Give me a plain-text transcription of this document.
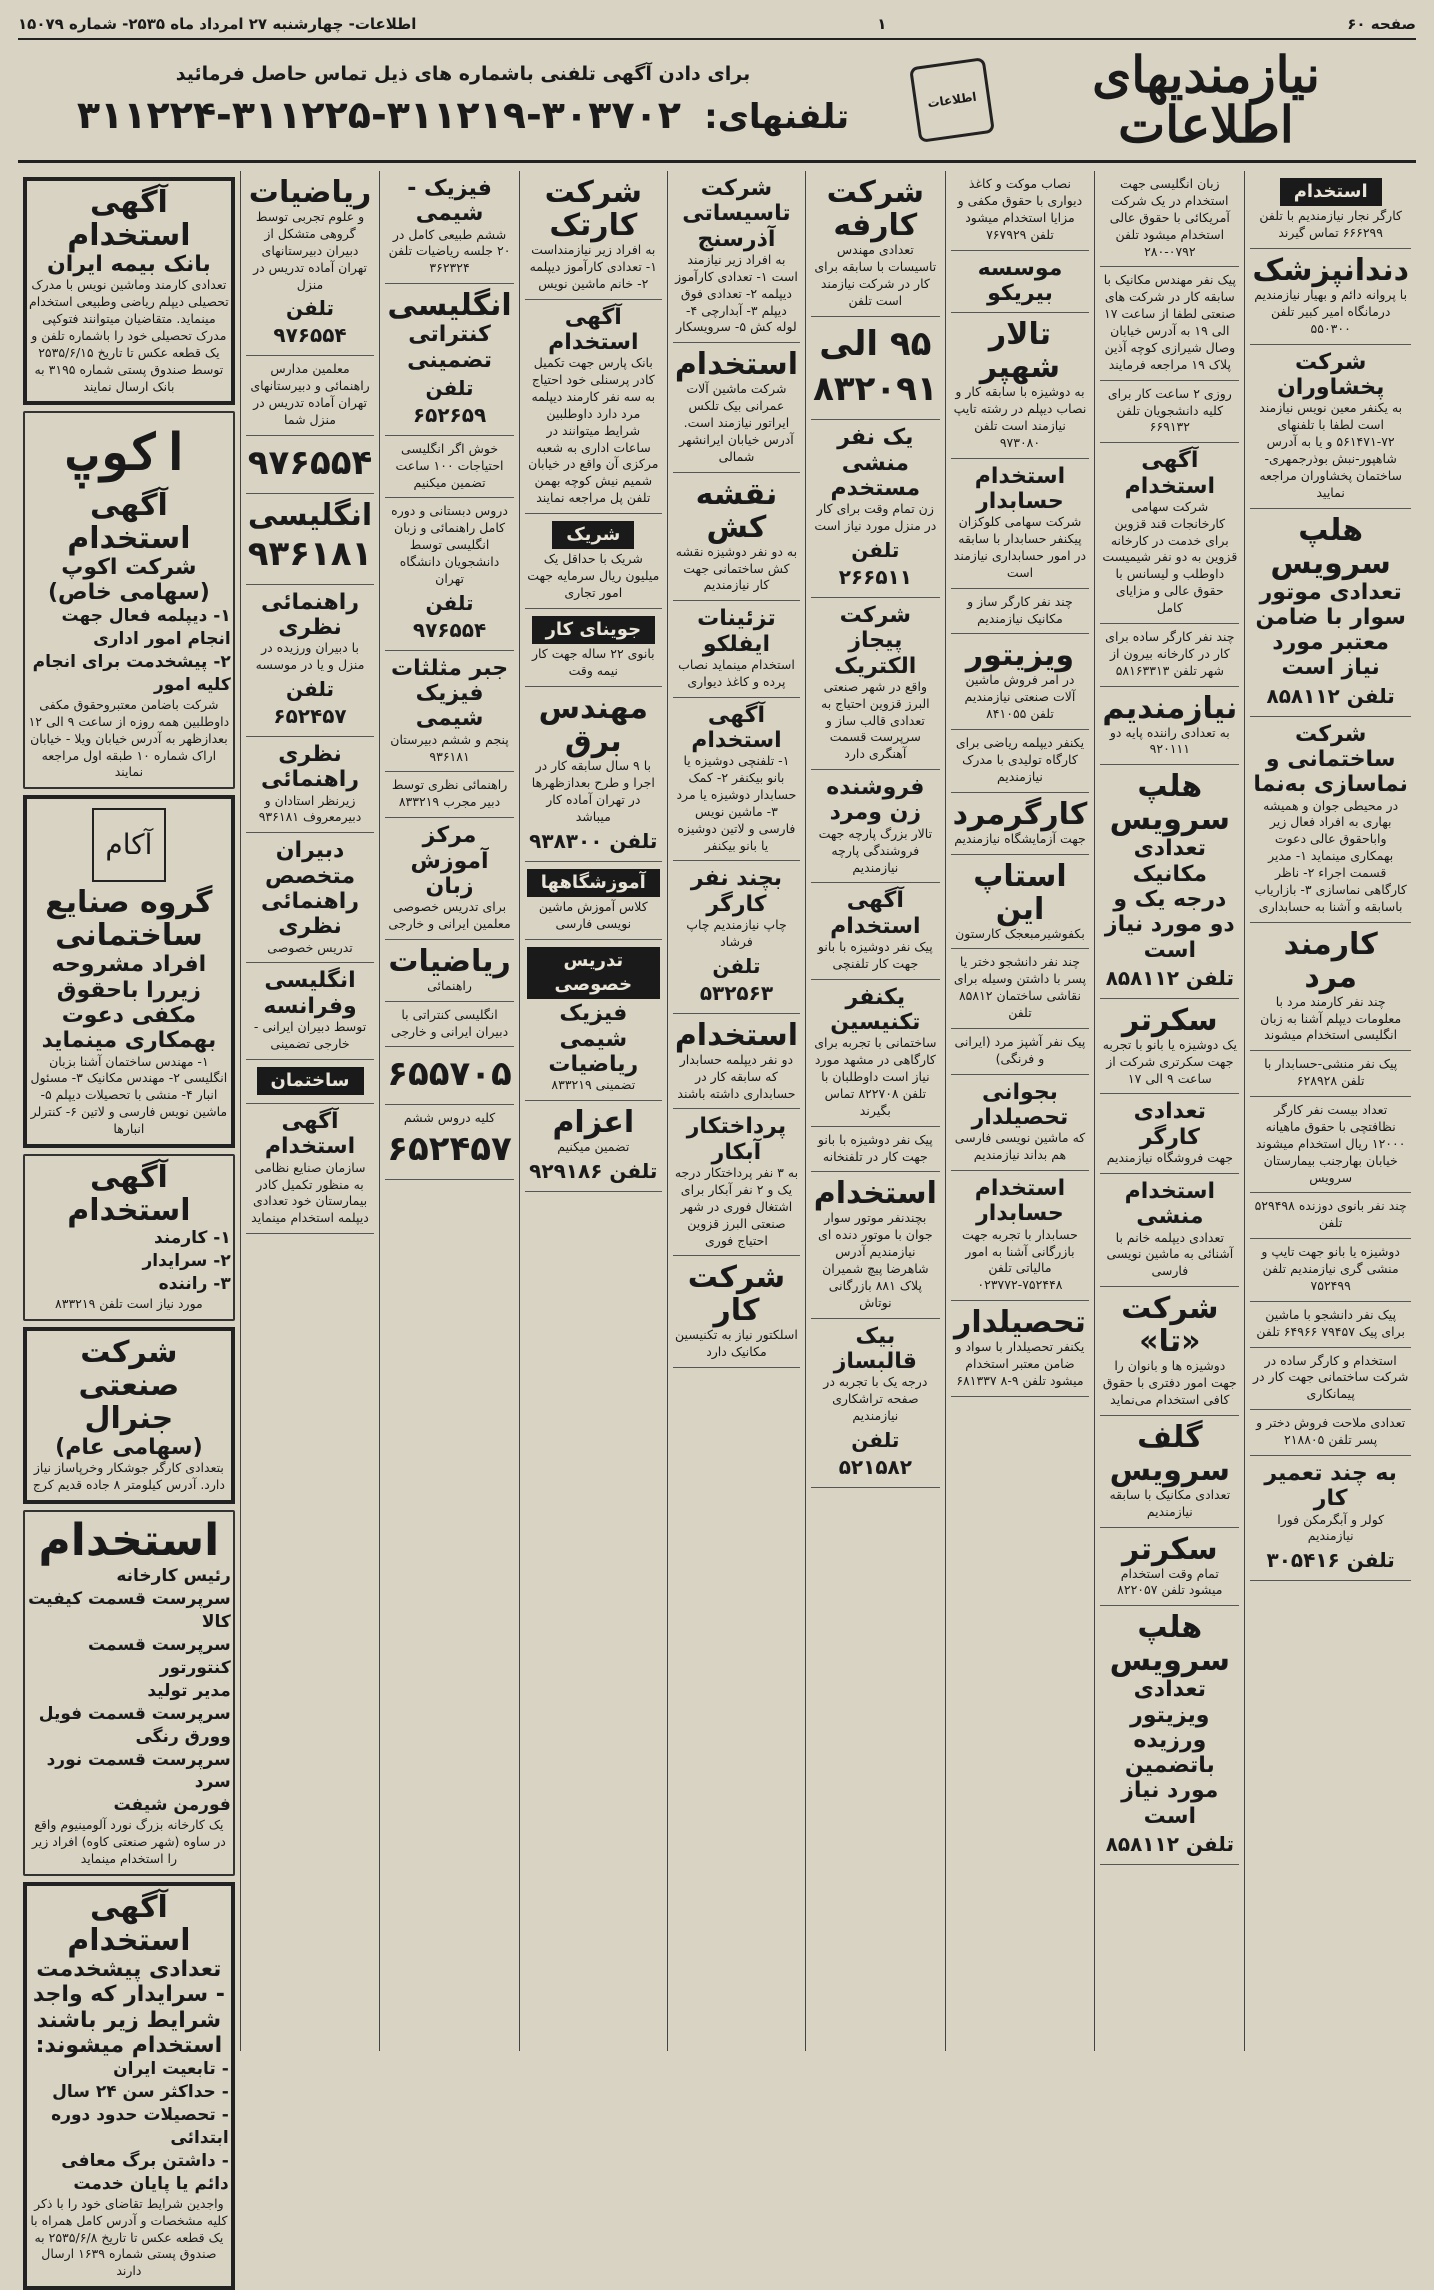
صفحه ۶۰
۱
اطلاعات- چهارشنبه ۲۷ امرداد ماه ۲۵۳۵- شماره ۱۵۰۷۹
نیازمندیهای اطلاعات
اطلاعات
برای دادن آگهی تلفنی باشماره های ذیل تماس حاصل فرمائید
تلفنهای: ۳۰۳۷۰۲-۳۱۱۲۱۹-۳۱۱۲۲۵-۳۱۱۲۲۴
استخدام
کارگر نجار نیازمندیم با تلفن ۶۶۶۲۹۹ تماس گیرند
دندانپزشک
با پروانه دائم و بهیار نیازمندیم درمانگاه امیر کبیر تلفن ۵۵۰۳۰۰
شرکت پخشاوران
به یکنفر معین نویس نیازمند است لطفا با تلفنهای ۷۲-۵۶۱۴۷۱ و یا به آدرس شاهپور-نبش بوذرجمهری-ساختمان پخشاوران مراجعه نمایید
هلپ سرویس
تعدادی موتور سوار با ضامن معتبر مورد نیاز است
تلفن ۸۵۸۱۱۲
شرکت ساختمانی و نماسازی به‌نما
در محیطی جوان و همیشه بهاری به افراد فعال زیر واباحقوق عالی دعوت بهمکاری مینماید ۱- مدیر قسمت اجراء ۲- ناظر کارگاهی نماسازی ۳- بازاریاب باسابقه و آشنا به حسابداری
کارمند مرد
چند نفر کارمند مرد با معلومات دیپلم آشنا به زبان انگلیسی استخدام میشوند
پیک نفر منشی-حسابدار با تلفن ۶۲۸۹۲۸
تعداد بیست نفر کارگر نظافتچی با حقوق ماهیانه ۱۲۰۰۰ ریال استخدام میشوند خیابان بهارجنب بیمارستان سرویس
چند نفر بانوی دوزنده ۵۲۹۴۹۸ تلفن
دوشیزه یا بانو جهت تایپ و منشی گری نیازمندیم تلفن ۷۵۲۴۹۹
پیک نفر دانشجو با ماشین برای پیک ۷۹۴۵۷ ۶۴۹۶۶ تلفن
استخدام و کارگر ساده در شرکت ساختمانی جهت کار در پیمانکاری
تعدادی ملاحت فروش دختر و پسر تلفن ۲۱۸۸۰۵
به چند تعمیر کار
کولر و آبگرمکن فورا نیازمندیم
تلفن ۳۰۵۴۱۶
زبان انگلیسی جهت استخدام در یک شرکت آمریکائی با حقوق عالی استخدام میشود تلفن ۰۷۹۲-۲۸۰
پیک نفر مهندس مکانیک با سابقه کار در شرکت های صنعتی لطفا از ساعت ۱۷ الی ۱۹ به آدرس خیابان وصال شیرازی کوچه آذین پلاک ۱۹ مراجعه فرمایند
روزی ۲ ساعت کار برای کلیه دانشجویان تلفن ۶۶۹۱۳۲
آگهی استخدام
شرکت سهامی کارخانجات قند قزوین برای خدمت در کارخانه قزوین به دو نفر شیمیست داوطلب و لیسانس با حقوق عالی و مزایای کامل
چند نفر کارگر ساده برای کار در کارخانه بیرون از شهر تلفن ۵۸۱۶۳۳۱۳
نیازمندیم
به تعدادی راننده پایه دو ۹۲۰۱۱۱
هلپ سرویس
تعدادی مکانیک درجه یک و دو مورد نیاز است
تلفن ۸۵۸۱۱۲
سکرتر
یک دوشیزه یا بانو با تجربه جهت سکرتری شرکت از ساعت ۹ الی ۱۷
تعدادی کارگر
جهت فروشگاه نیازمندیم
استخدام منشی
تعدادی دیپلمه خانم با آشنائی به ماشین نویسی فارسی
شرکت «تا»
دوشیزه ها و بانوان را جهت امور دفتری با حقوق کافی استخدام می‌نماید
گلف سرویس
تعدادی مکانیک با سابقه نیازمندیم
سکرتر
تمام وقت استخدام میشود تلفن ۸۲۲۰۵۷
هلپ سرویس
تعدادی ویزیتور ورزیده باتضمین مورد نیاز است
تلفن ۸۵۸۱۱۲
نصاب موکت و کاغذ دیواری با حقوق مکفی و مزایا استخدام میشود تلفن ۷۶۷۹۲۹
موسسه بیریکو
تالار شهپر
به دوشیزه با سابقه کار و نصاب دیپلم در رشته تایپ نیازمند است تلفن ۹۷۳۰۸۰
استخدام حسابدار
شرکت سهامی کلوکزان پیکنفر حسابدار با سابقه در امور حسابداری نیازمند است
چند نفر کارگر ساز و مکانیک نیازمندیم
ویزیتور
در امر فروش ماشین آلات صنعتی نیازمندیم تلفن ۸۴۱۰۵۵
یکنفر دیپلمه ریاضی برای کارگاه تولیدی با مدرک نیازمندیم
کارگرمرد
جهت آزمایشگاه نیازمندیم
استاپ این
بکفوشیرمبعجک کارستون
چند نفر دانشجو دختر یا پسر با داشتن وسیله برای نقاشی ساختمان ۸۵۸۱۲ تلفن
پیک نفر آشپز مرد (ایرانی و فرنگی)
بجوانی تحصیلدار
که ماشین نویسی فارسی هم بداند نیازمندیم
استخدام حسابدار
حسابدار با تجربه جهت بازرگانی آشنا به امور مالیاتی تلفن ۷۵۲۴۴۸-۰۲۳۷۷۲
تحصیلدار
یکنفر تحصیلدار با سواد و ضامن معتبر استخدام میشود تلفن ۹-۸ ۶۸۱۳۳۷
شرکت کارفه
تعدادی مهندس تاسیسات با سابقه برای کار در شرکت نیازمند است تلفن
۹۵ الی ۸۳۲۰۹۱
یک نفر منشی مستخدم
زن تمام وقت برای کار در منزل مورد نیاز است
تلفن ۲۶۶۵۱۱
شرکت پیجاز الکتریک
واقع در شهر صنعتی البرز قزوین احتیاج به تعدادی قالب ساز و سرپرست قسمت آهنگری دارد
فروشنده زن ومرد
تالار بزرگ پارچه جهت فروشندگی پارچه نیازمندیم
آگهی استخدام
پیک نفر دوشیزه با بانو جهت کار تلفنچی
یکنفر تکنیسین
ساختمانی با تجربه برای کارگاهی در مشهد مورد نیاز است داوطلبان با تلفن ۸۲۲۷۰۸ تماس بگیرند
پیک نفر دوشیزه با بانو جهت کار در تلفنخانه
استخدام
بچندنفر موتور سوار جوان با موتور دنده ای نیازمندیم آدرس شاهرضا پیچ شمیران پلاک ۸۸۱ بازرگانی نوتاش
بیک قالبساز
درجه یک با تجربه در صفحه تراشکاری نیازمندیم
تلفن ۵۲۱۵۸۲
شرکت تاسیساتی آذرسنج
به افراد زیر نیازمند است ۱- تعدادی کارآموز دیپلمه ۲- تعدادی فوق دیپلم ۳- آبدارچی ۴- لوله کش ۵- سرویسکار
استخدام
شرکت ماشین آلات عمرانی بیک تلکس ایراتور نیازمند است. آدرس خیابان ایرانشهر شمالی
نقشه کش
به دو نفر دوشیزه نقشه کش ساختمانی جهت کار نیازمندیم
تزئینات ایفلکو
استخدام مینماید نصاب پرده و کاغذ دیواری
آگهی استخدام
۱- تلفنچی دوشیزه یا بانو بیکنفر ۲- کمک حسابدار دوشیزه یا مرد ۳- ماشین نویس فارسی و لاتین دوشیزه یا بانو بیکنفر
بچند نفر کارگر
چاپ نیازمندیم چاپ فرشاد
تلفن ۵۳۲۵۶۳
استخدام
دو نفر دیپلمه حسابدار که سابقه کار در حسابداری داشته باشند
پرداختکار آبکار
به ۳ نفر پرداختکار درجه یک و ۲ نفر آبکار برای اشتغال فوری در شهر صنعتی البرز قزوین احتیاج فوری
شرکت کار
اسلکتور نیاز به تکنیسین مکانیک دارد
شرکت کارتک
به افراد زیر نیازمنداست ۱- تعدادی کارآموز دیپلمه ۲- خانم ماشین نویس
آگهی استخدام
بانک پارس جهت تکمیل کادر پرسنلی خود احتیاج به سه نفر کارمند دیپلمه مرد دارد داوطلبین شرایط میتوانند در ساعات اداری به شعبه مرکزی آن واقع در خیابان شمیم نیش کوچه بهمن تلفن پل مراجعه نمایند
شریک
شریک با حداقل یک میلیون ریال سرمایه جهت امور تجاری
جوینای کار
بانوی ۲۲ ساله جهت کار نیمه وقت
مهندس برق
با ۹ سال سابقه کار در اجرا و طرح بعدازظهرها در تهران آماده کار میباشد
تلفن ۹۳۸۳۰۰
آموزشگاهها
کلاس آموزش ماشین نویسی فارسی
تدریس خصوصی
فیزیک شیمی ریاضیات
تضمینی ۸۳۳۲۱۹
اعزام
تضمین میکنیم
تلفن ۹۲۹۱۸۶
فیزیک - شیمی
ششم طبیعی کامل در ۲۰ جلسه ریاضیات تلفن ۳۶۲۳۲۴
انگلیسی
کنتراتی تضمینی
تلفن ۶۵۲۶۵۹
خوش اگر انگلیسی احتیاجات ۱۰۰ ساعت تضمین میکنیم
دروس دبستانی و دوره کامل راهنمائی و زبان انگلیسی توسط دانشجویان دانشگاه تهران
تلفن ۹۷۶۵۵۴
جبر مثلثات فیزیک شیمی
پنجم و ششم دبیرستان ۹۳۶۱۸۱
راهنمائی نظری توسط دبیر مجرب ۸۳۳۲۱۹
مرکز آموزش زبان
برای تدریس خصوصی معلمین ایرانی و خارجی
ریاضیات
راهنمائی
انگلیسی کنتراتی با دبیران ایرانی و خارجی
۶۵۵۷۰۵
کلیه دروس ششم
۶۵۲۴۵۷
ریاضیات
و علوم تجربی توسط گروهی متشکل از دبیران دبیرستانهای تهران آماده تدریس در منزل
تلفن ۹۷۶۵۵۴
معلمین مدارس راهنمائی و دبیرستانهای تهران آماده تدریس در منزل شما
۹۷۶۵۵۴
انگلیسی
۹۳۶۱۸۱
راهنمائی نظری
با دبیران ورزیده در منزل و یا در موسسه
تلفن ۶۵۲۴۵۷
نظری راهنمائی
زیرنظر استادان و دبیرمعروف ۹۳۶۱۸۱
دبیران متخصص راهنمائی نظری
تدریس خصوصی
انگلیسی وفرانسه
توسط دبیران ایرانی - خارجی تضمینی
ساختمان
آگهی استخدام
سازمان صنایع نظامی به منظور تکمیل کادر بیمارستان خود تعدادی دیپلمه استخدام مینماید
آگهی استخدام
بانک بیمه ایران
تعدادی کارمند وماشین نویس با مدرک تحصیلی دیپلم ریاضی وطبیعی استخدام مینماید. متقاضیان میتوانند فتوکپی مدرک تحصیلی خود را باشماره تلفن و یک قطعه عکس تا تاریخ ۲۵۳۵/۶/۱۵ توسط صندوق پستی شماره ۳۱۹۵ به بانک ارسال نمایند
اکوپ
آگهی استخدام
شرکت اکوپ (سهامی خاص)
۱- دیپلمه فعال جهت انجام امور اداری
۲- پیشخدمت برای انجام کلیه امور
شرکت باضامن معتبروحقوق مکفی داوطلبین همه روزه از ساعت ۹ الی ۱۲ بعدازظهر به آدرس خیابان ویلا - خیابان اراک شماره ۱۰ طبقه اول مراجعه نمایند
آکام
گروه صنایع ساختمانی
افراد مشروحه زیررا باحقوق مکفی دعوت بهمکاری مینماید
۱- مهندس ساختمان آشنا بزبان انگلیسی ۲- مهندس مکانیک ۳- مسئول انبار ۴- منشی با تحصیلات دیپلم ۵- ماشین نویس فارسی و لاتین ۶- کنترلر انبارها
آگهی استخدام
۱- کارمند
۲- سرایدار
۳- راننده
مورد نیاز است تلفن ۸۳۳۲۱۹
شرکت صنعتی جنرال
(سهامی عام)
بتعدادی کارگر جوشکار وخرپاساز نیاز دارد. آدرس کیلومتر ۸ جاده قدیم کرج
استخدام
رئیس کارخانه
سرپرست قسمت کیفیت کالا
سرپرست قسمت کنتورتور
مدیر تولید
سرپرست قسمت فویل وورق رنگی
سرپرست قسمت نورد سرد
فورمن شیفت
یک کارخانه بزرگ نورد آلومینیوم واقع در ساوه (شهر صنعتی کاوه) افراد زیر را استخدام مینماید
آگهی استخدام
تعدادی پیشخدمت - سرایدار که واجد شرایط زیر باشند استخدام میشوند:
- تابعیت ایران
- حداکثر سن ۲۴ سال
- تحصیلات حدود دوره ابتدائی
- داشتن برگ معافی دائم یا پایان خدمت
واجدین شرایط تقاضای خود را با ذکر کلیه مشخصات و آدرس کامل همراه با یک قطعه عکس تا تاریخ ۲۵۳۵/۶/۸ به صندوق پستی شماره ۱۶۳۹ ارسال دارند
